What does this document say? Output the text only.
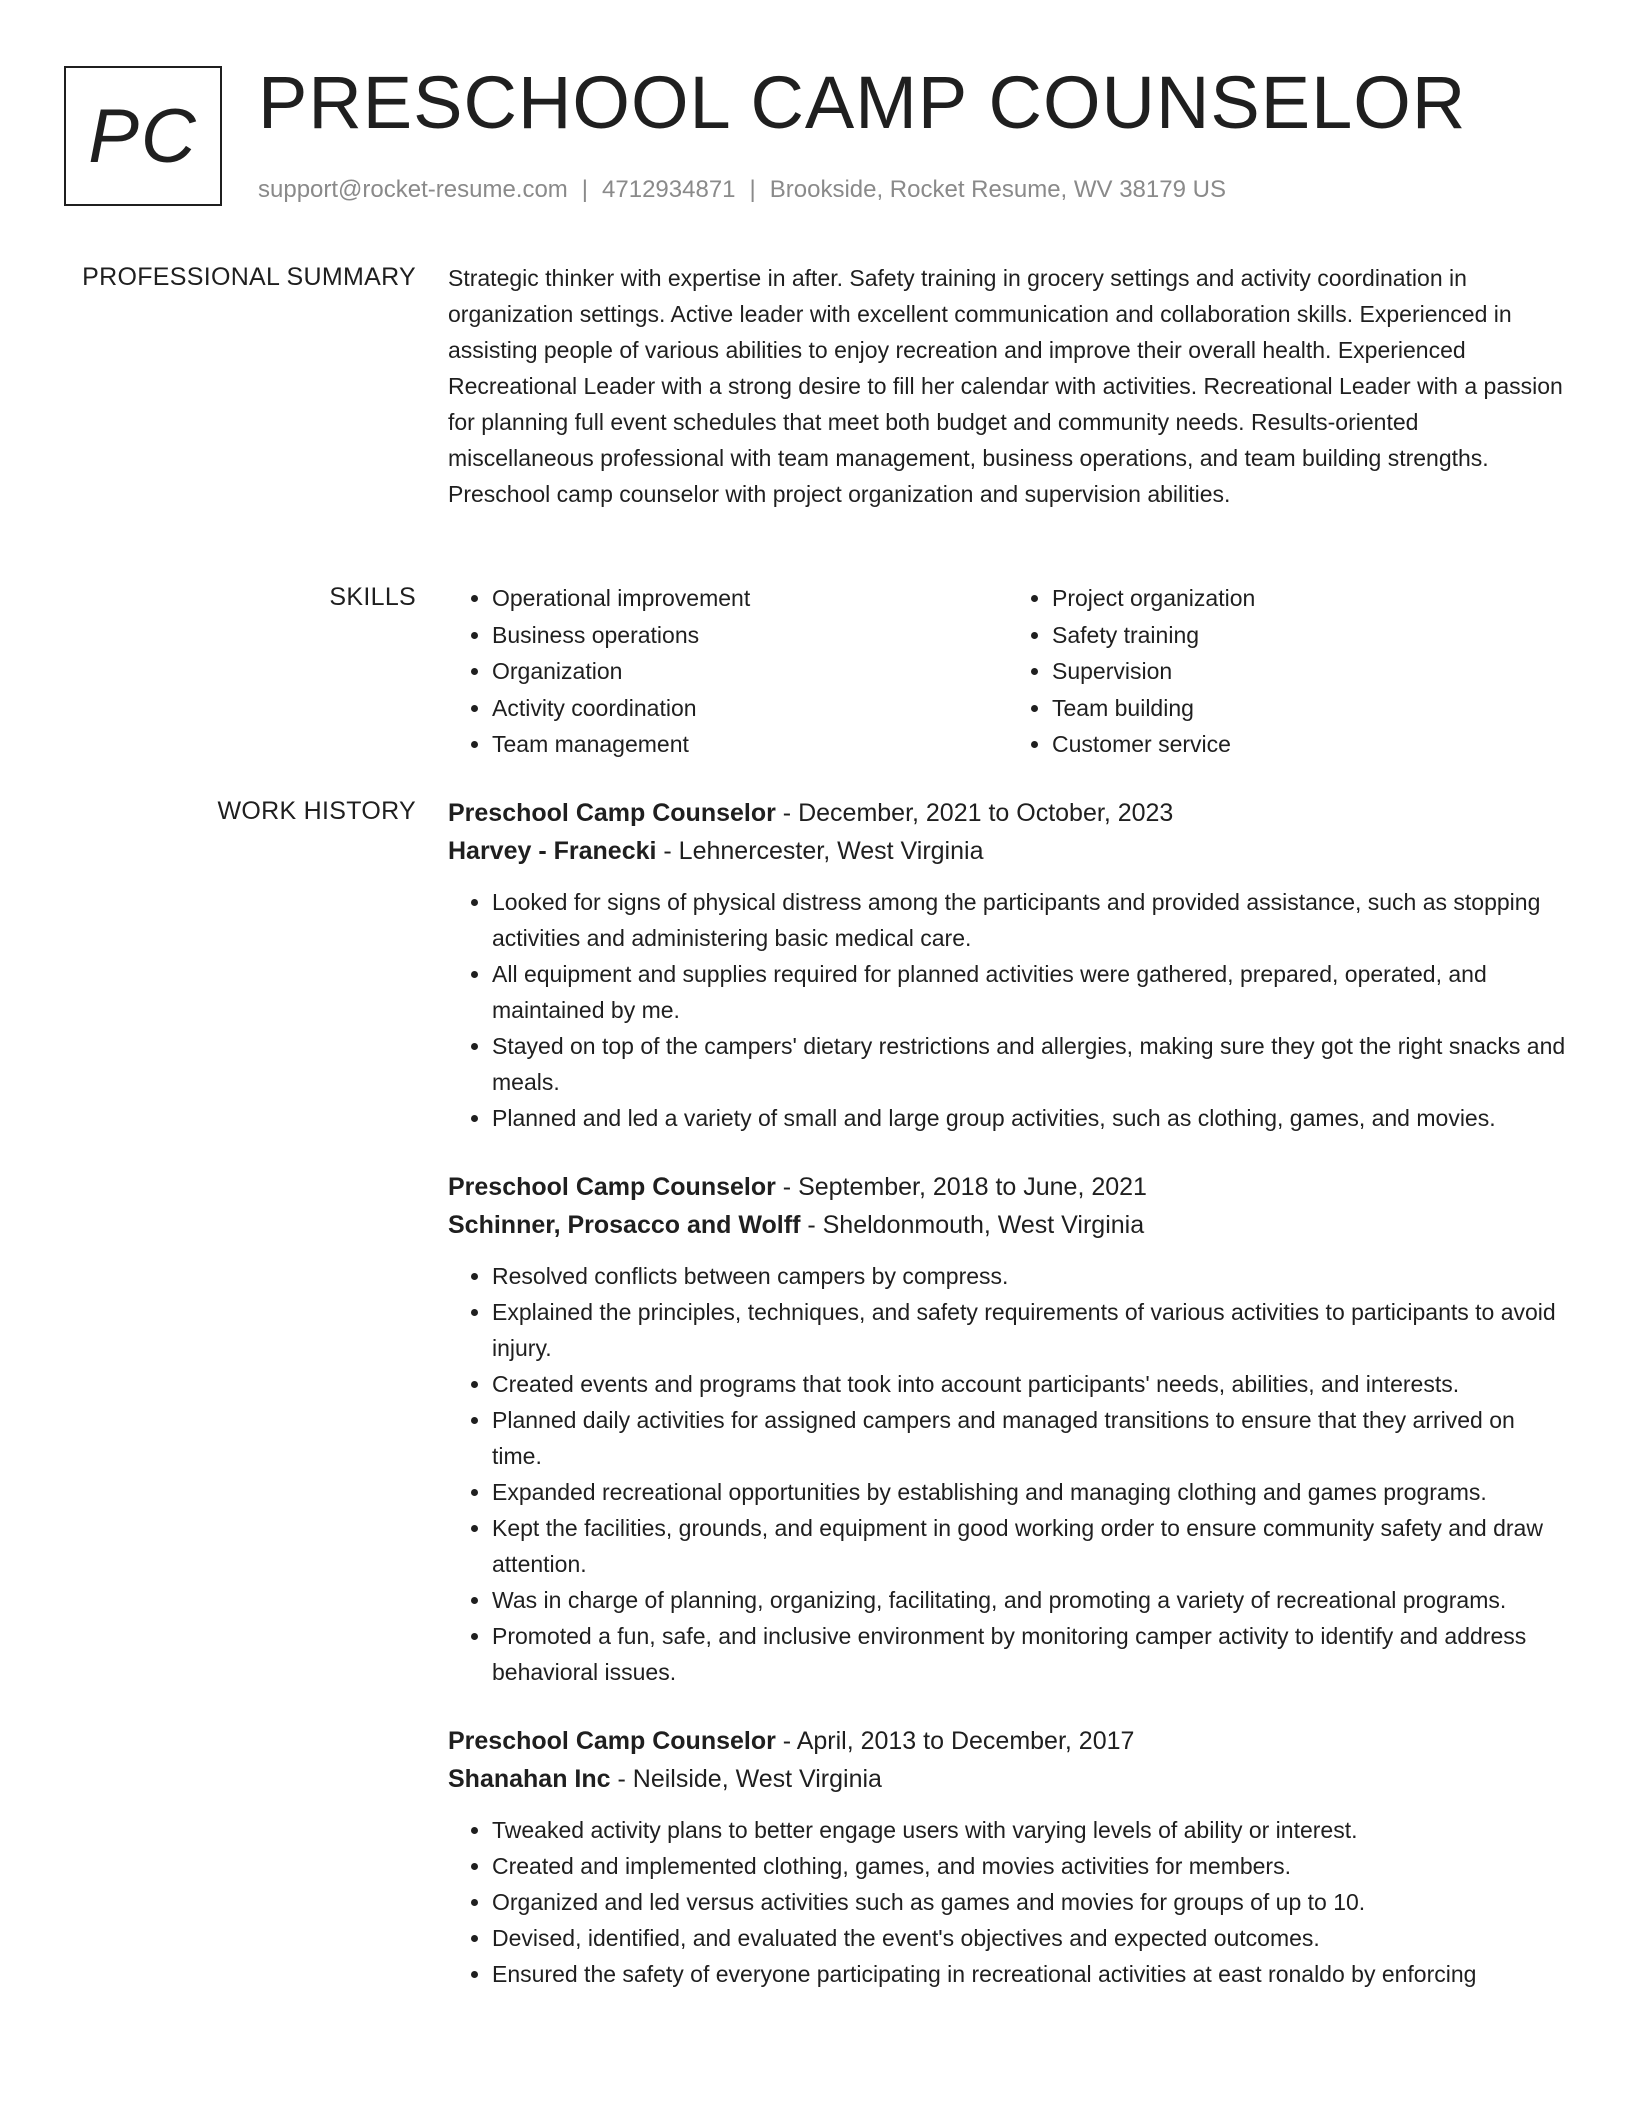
PC PRESCHOOL CAMP COUNSELOR
support@rocket-resume.com | 4712934871 | Brookside, Rocket Resume, WV 38179 US
PROFESSIONAL SUMMARY Strategic thinker with expertise in after. Safety training in grocery settings and activity coordination in organization settings. Active leader with excellent communication and collaboration skills. Experienced in assisting people of various abilities to enjoy recreation and improve their overall health. Experienced Recreational Leader with a strong desire to fill her calendar with activities. Recreational Leader with a passion for planning full event schedules that meet both budget and community needs. Results-oriented miscellaneous professional with team management, business operations, and team building strengths. Preschool camp counselor with project organization and supervision abilities.

SKILLS
•	Operational improvement
• Business operations
• Organization
• Activity coordination
• Team management
• Project organization
• Safety training
• Supervision
• Team building
• Customer service
WORK HISTORY Preschool Camp Counselor - December, 2021 to October, 2023
Harvey - Franecki - Lehnercester, West Virginia
• Looked for signs of physical distress among the participants and provided assistance, such as stopping activities and administering basic medical care.
• All equipment and supplies required for planned activities were gathered, prepared, operated, and maintained by me.
• Stayed on top of the campers' dietary restrictions and allergies, making sure they got the right snacks and meals.
• Planned and led a variety of small and large group activities, such as clothing, games, and movies.
Preschool Camp Counselor - September, 2018 to June, 2021
Schinner, Prosacco and Wolff - Sheldonmouth, West Virginia
• Resolved conflicts between campers by compress.
• Explained the principles, techniques, and safety requirements of various activities to participants to avoid injury.
• Created events and programs that took into account participants' needs, abilities, and interests.
• Planned daily activities for assigned campers and managed transitions to ensure that they arrived on time.
• Expanded recreational opportunities by establishing and managing clothing and games programs.
• Kept the facilities, grounds, and equipment in good working order to ensure community safety and draw attention.
• Was in charge of planning, organizing, facilitating, and promoting a variety of recreational programs.
• Promoted a fun, safe, and inclusive environment by monitoring camper activity to identify and address behavioral issues.
Preschool Camp Counselor - April, 2013 to December, 2017
Shanahan Inc - Neilside, West Virginia
• Tweaked activity plans to better engage users with varying levels of ability or interest.
• Created and implemented clothing, games, and movies activities for members.
• Organized and led versus activities such as games and movies for groups of up to 10.
• Devised, identified, and evaluated the event's objectives and expected outcomes.
• Ensured the safety of everyone participating in recreational activities at east ronaldo by enforcing
